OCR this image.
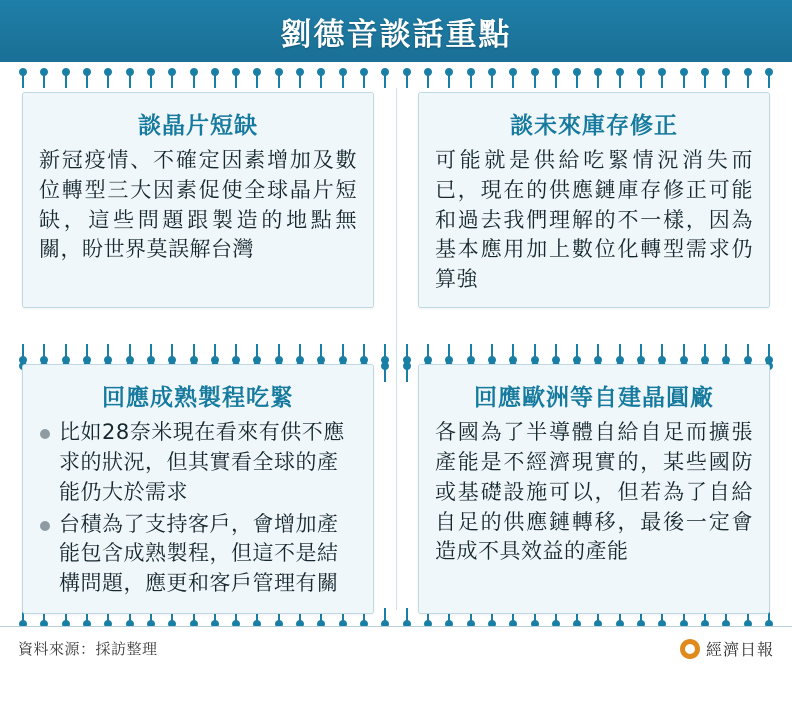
劉德音談話重點
談晶片短缺
新冠疫情、不確定因素增加及數位轉型三大因素促使全球晶片短缺，這些問題跟製造的地點無關，盼世界莫誤解台灣
談未來庫存修正
可能就是供給吃緊情況消失而已，現在的供應鏈庫存修正可能和過去我們理解的不一樣，因為基本應用加上數位化轉型需求仍算強
回應成熟製程吃緊
比如28奈米現在看來有供不應求的狀況，但其實看全球的產能仍大於需求
台積為了支持客戶，會增加產能包含成熟製程，但這不是結構問題，應更和客戶管理有關
回應歐洲等自建晶圓廠
各國為了半導體自給自足而擴張產能是不經濟現實的，某些國防或基礎設施可以，但若為了自給自足的供應鏈轉移，最後一定會造成不具效益的產能
資料來源：採訪整理	經濟日報
